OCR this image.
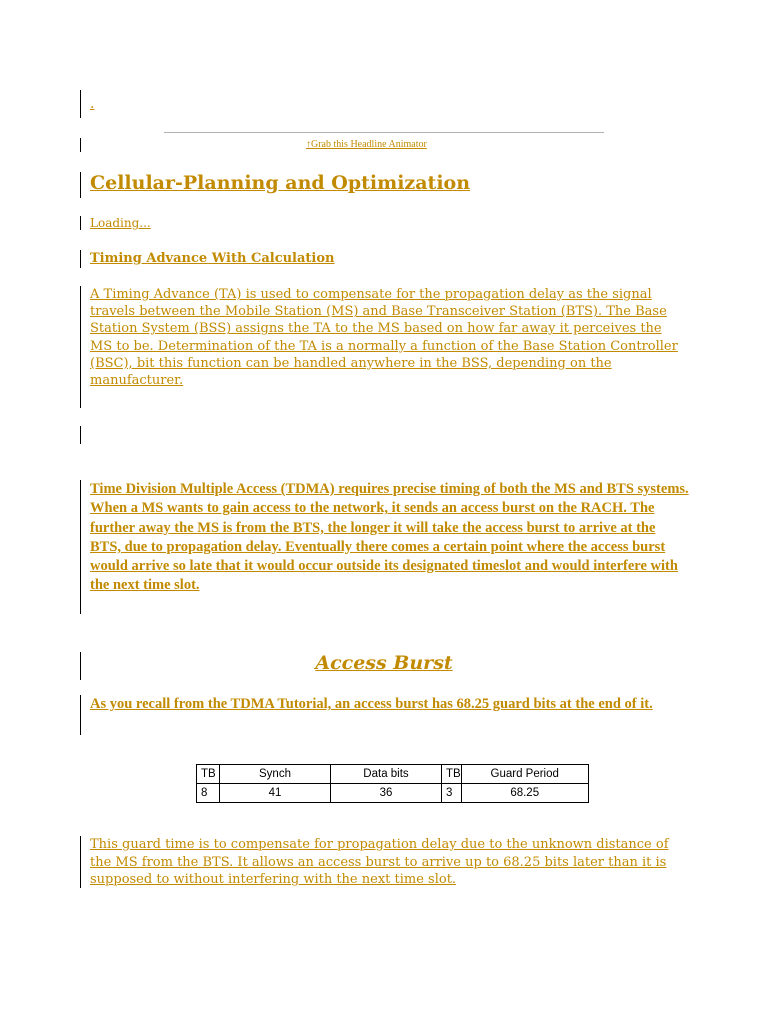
.
↑Grab this Headline Animator
Cellular-Planning and Optimization
Loading...
Timing Advance With Calculation
A Timing Advance (TA) is used to compensate for the propagation delay as the signal travels between the Mobile Station (MS) and Base Transceiver Station (BTS). The Base Station System (BSS) assigns the TA to the MS based on how far away it perceives the MS to be. Determination of the TA is a normally a function of the Base Station Controller (BSC), bit this function can be handled anywhere in the BSS, depending on the manufacturer.
Time Division Multiple Access (TDMA) requires precise timing of both the MS and BTS systems. When a MS wants to gain access to the network, it sends an access burst on the RACH. The further away the MS is from the BTS, the longer it will take the access burst to arrive at the BTS, due to propagation delay. Eventually there comes a certain point where the access burst would arrive so late that it would occur outside its designated timeslot and would interfere with the next time slot.
Access Burst
As you recall from the TDMA Tutorial, an access burst has 68.25 guard bits at the end of it.
TB	Synch	Data bits	TB	Guard Period
8	41	36	3	68.25
This guard time is to compensate for propagation delay due to the unknown distance of the MS from the BTS. It allows an access burst to arrive up to 68.25 bits later than it is supposed to without interfering with the next time slot.
